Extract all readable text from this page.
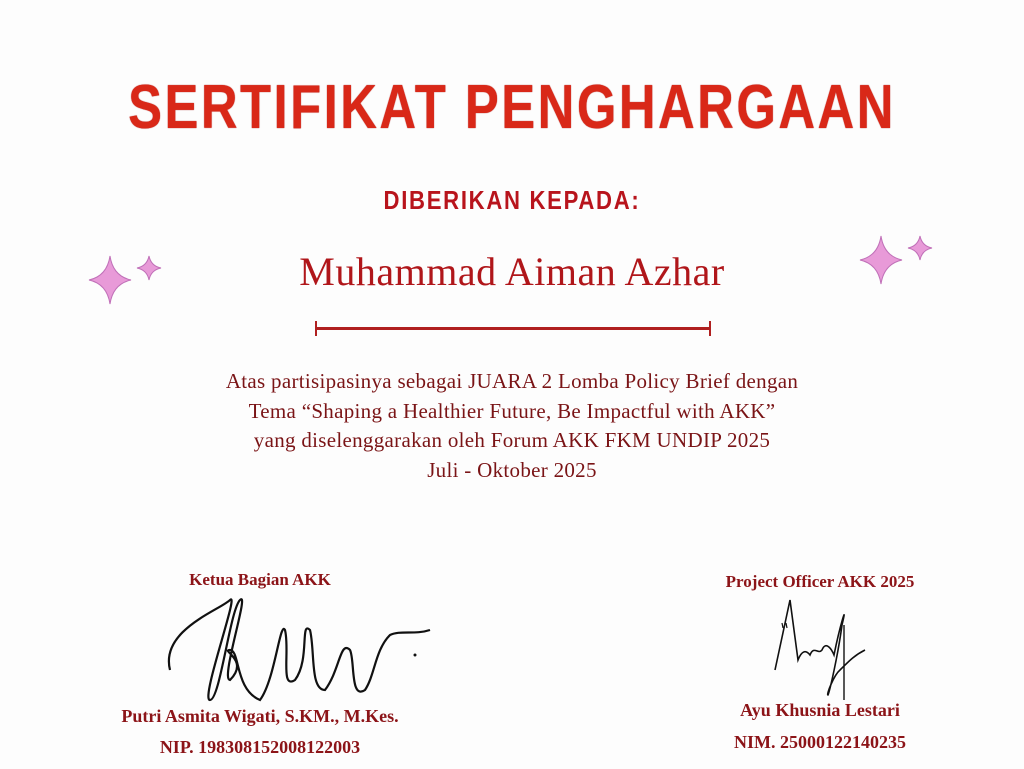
SERTIFIKAT PENGHARGAAN
DIBERIKAN KEPADA:
Muhammad Aiman Azhar
Atas partisipasinya sebagai JUARA 2 Lomba Policy Brief dengan
Tema “Shaping a Healthier Future, Be Impactful with AKK”
yang diselenggarakan oleh Forum AKK FKM UNDIP 2025
Juli - Oktober 2025
Ketua Bagian AKK
Putri Asmita Wigati, S.KM., M.Kes.
NIP. 198308152008122003
Project Officer AKK 2025
Ayu Khusnia Lestari
NIM. 25000122140235
